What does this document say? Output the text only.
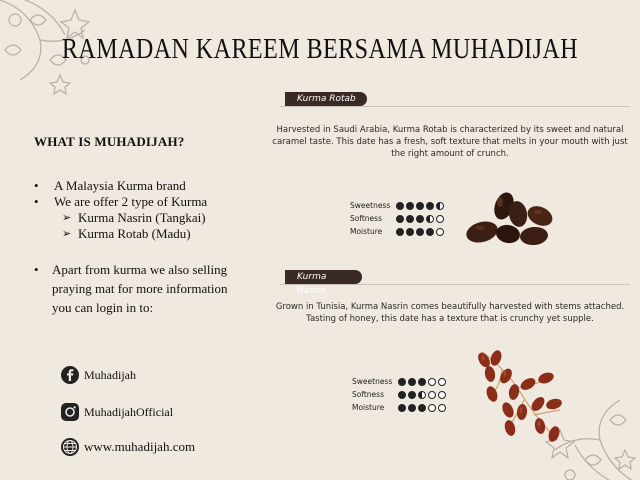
RAMADAN KAREEM BERSAMA MUHADIJAH
WHAT IS MUHADIJAH?
• A Malaysia Kurma brand
• We are offer 2 type of Kurma
➢ Kurma Nasrin (Tangkai)
➢ Kurma Rotab (Madu)
• Apart from kurma we also selling
praying mat for more information
you can login in to:
Muhadijah
MuhadijahOfficial
www.muhadijah.com
Kurma Rotab
Harvested in Saudi Arabia, Kurma Rotab is characterized by its sweet and natural caramel taste. This date has a fresh, soft texture that melts in your mouth with just the right amount of crunch.
Sweetness
Softness
Moisture
Kurma Nasrin
Grown in Tunisia, Kurma Nasrin comes beautifully harvested with stems attached. Tasting of honey, this date has a texture that is crunchy yet supple.
Sweetness
Softness
Moisture
